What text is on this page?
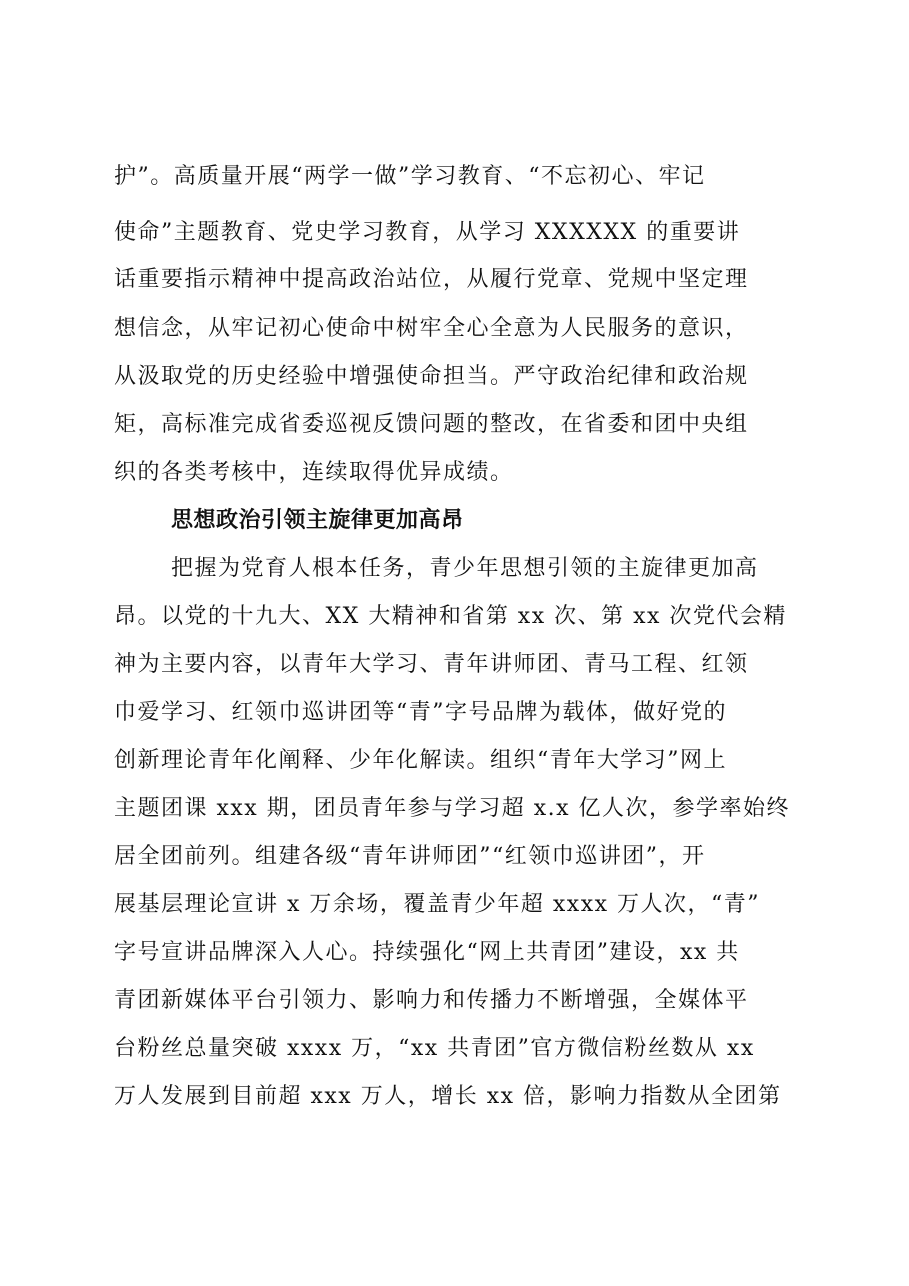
护”。高质量开展“两学一做”学习教育、“不忘初心、牢记
使命”主题教育、党史学习教育，从学习 XXXXXX 的重要讲
话重要指示精神中提高政治站位，从履行党章、党规中坚定理
想信念，从牢记初心使命中树牢全心全意为人民服务的意识，
从汲取党的历史经验中增强使命担当。严守政治纪律和政治规
矩，高标准完成省委巡视反馈问题的整改，在省委和团中央组
织的各类考核中，连续取得优异成绩。
思想政治引领主旋律更加高昂
把握为党育人根本任务，青少年思想引领的主旋律更加高
昂。以党的十九大、XX 大精神和省第 xx 次、第 xx 次党代会精
神为主要内容，以青年大学习、青年讲师团、青马工程、红领
巾爱学习、红领巾巡讲团等“青”字号品牌为载体，做好党的
创新理论青年化阐释、少年化解读。组织“青年大学习”网上
主题团课 xxx 期，团员青年参与学习超 x.x 亿人次，参学率始终
居全团前列。组建各级“青年讲师团”“红领巾巡讲团”，开
展基层理论宣讲 x 万余场，覆盖青少年超 xxxx 万人次，“青”
字号宣讲品牌深入人心。持续强化“网上共青团”建设，xx 共
青团新媒体平台引领力、影响力和传播力不断增强，全媒体平
台粉丝总量突破 xxxx 万，“xx 共青团”官方微信粉丝数从 xx
万人发展到目前超 xxx 万人，增长 xx 倍，影响力指数从全团第
